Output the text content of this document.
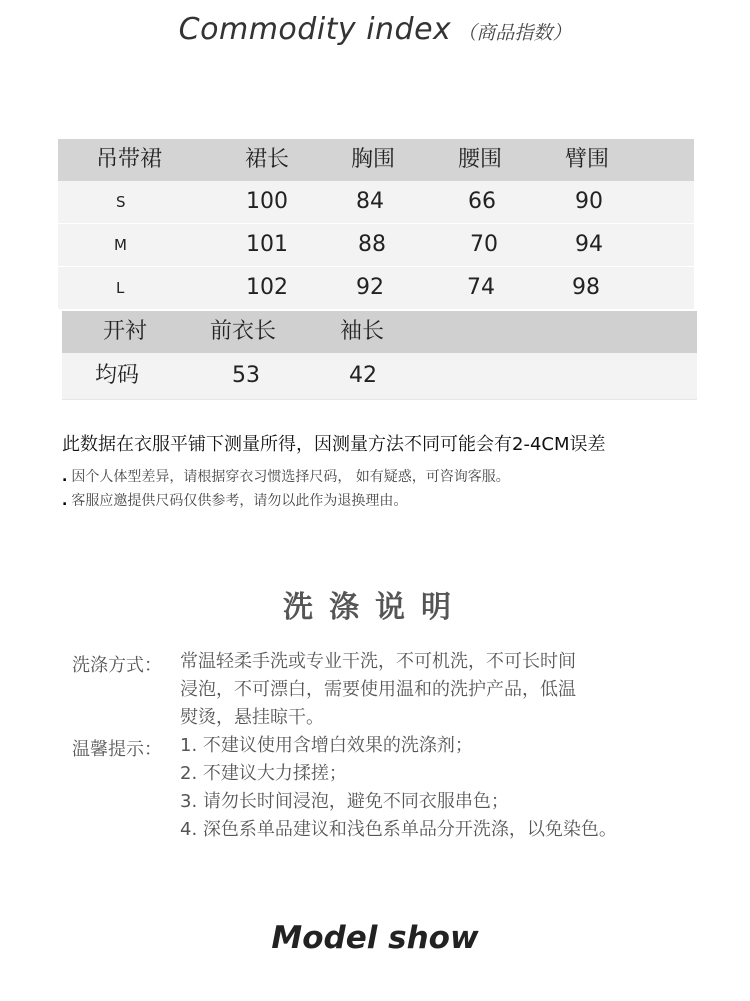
Commodity index （商品指数）
吊带裙	裙长	胸围	腰围	臂围
S	100	84	66	90
M	101	88	70	94
L	102	92	74	98
开衬	前衣长	袖长
均码	53	42
此数据在衣服平铺下测量所得，因测量方法不同可能会有2-4CM误差
. 因个人体型差异，请根据穿衣习惯选择尺码， 如有疑惑，可咨询客服。
. 客服应邀提供尺码仅供参考，请勿以此作为退换理由。
洗涤说明
洗涤方式： 常温轻柔手洗或专业干洗，不可机洗，不可长时间
浸泡，不可漂白，需要使用温和的洗护产品，低温
熨烫，悬挂晾干。
温馨提示： 1. 不建议使用含增白效果的洗涤剂；
2. 不建议大力揉搓；
3. 请勿长时间浸泡，避免不同衣服串色；
4. 深色系单品建议和浅色系单品分开洗涤，以免染色。
Model show
